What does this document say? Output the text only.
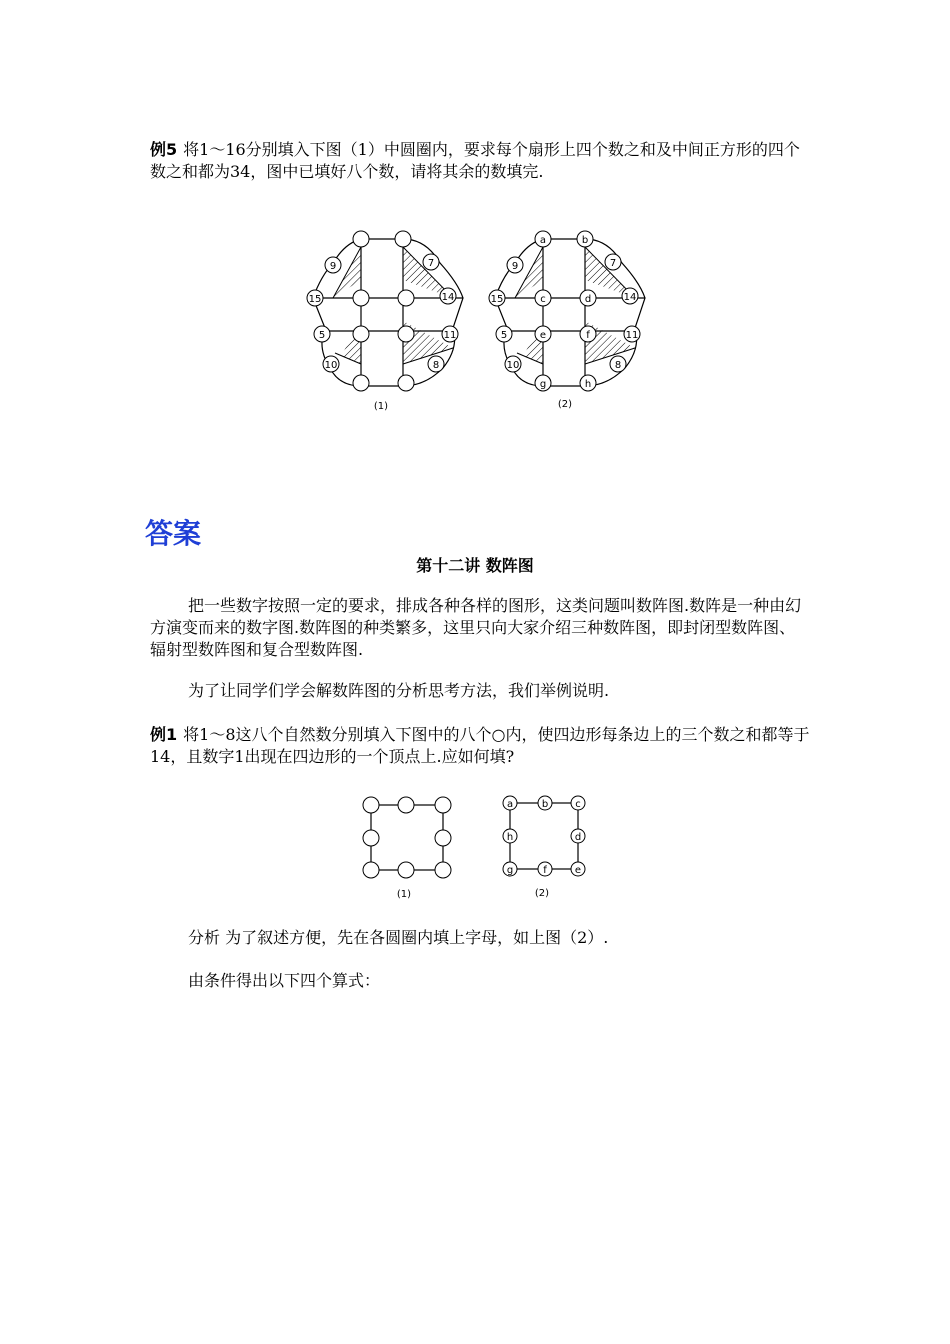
例5 将1～16分别填入下图（1）中圆圈内，要求每个扇形上四个数之和及中间正方形的四个数之和都为34，图中已填好八个数，请将其余的数填完.

9	7
15	14
5	11
10	8
(1)
a	b
c	d
e	f
g	h
9	7
15	14
5	11
10	8
(2)
答案
第十二讲 数阵图

把一些数字按照一定的要求，排成各种各样的图形，这类问题叫数阵图.数阵是一种由幻方演变而来的数字图.数阵图的种类繁多，这里只向大家介绍三种数阵图，即封闭型数阵图、辐射型数阵图和复合型数阵图.

为了让同学们学会解数阵图的分析思考方法，我们举例说明.

例1 将1～8这八个自然数分别填入下图中的八个○内，使四边形每条边上的三个数之和都等于14，且数字1出现在四边形的一个顶点上.应如何填?

(1)
a	b	c
h	d
g	f	e
(2)

分析 为了叙述方便，先在各圆圈内填上字母，如上图（2）.

由条件得出以下四个算式：
